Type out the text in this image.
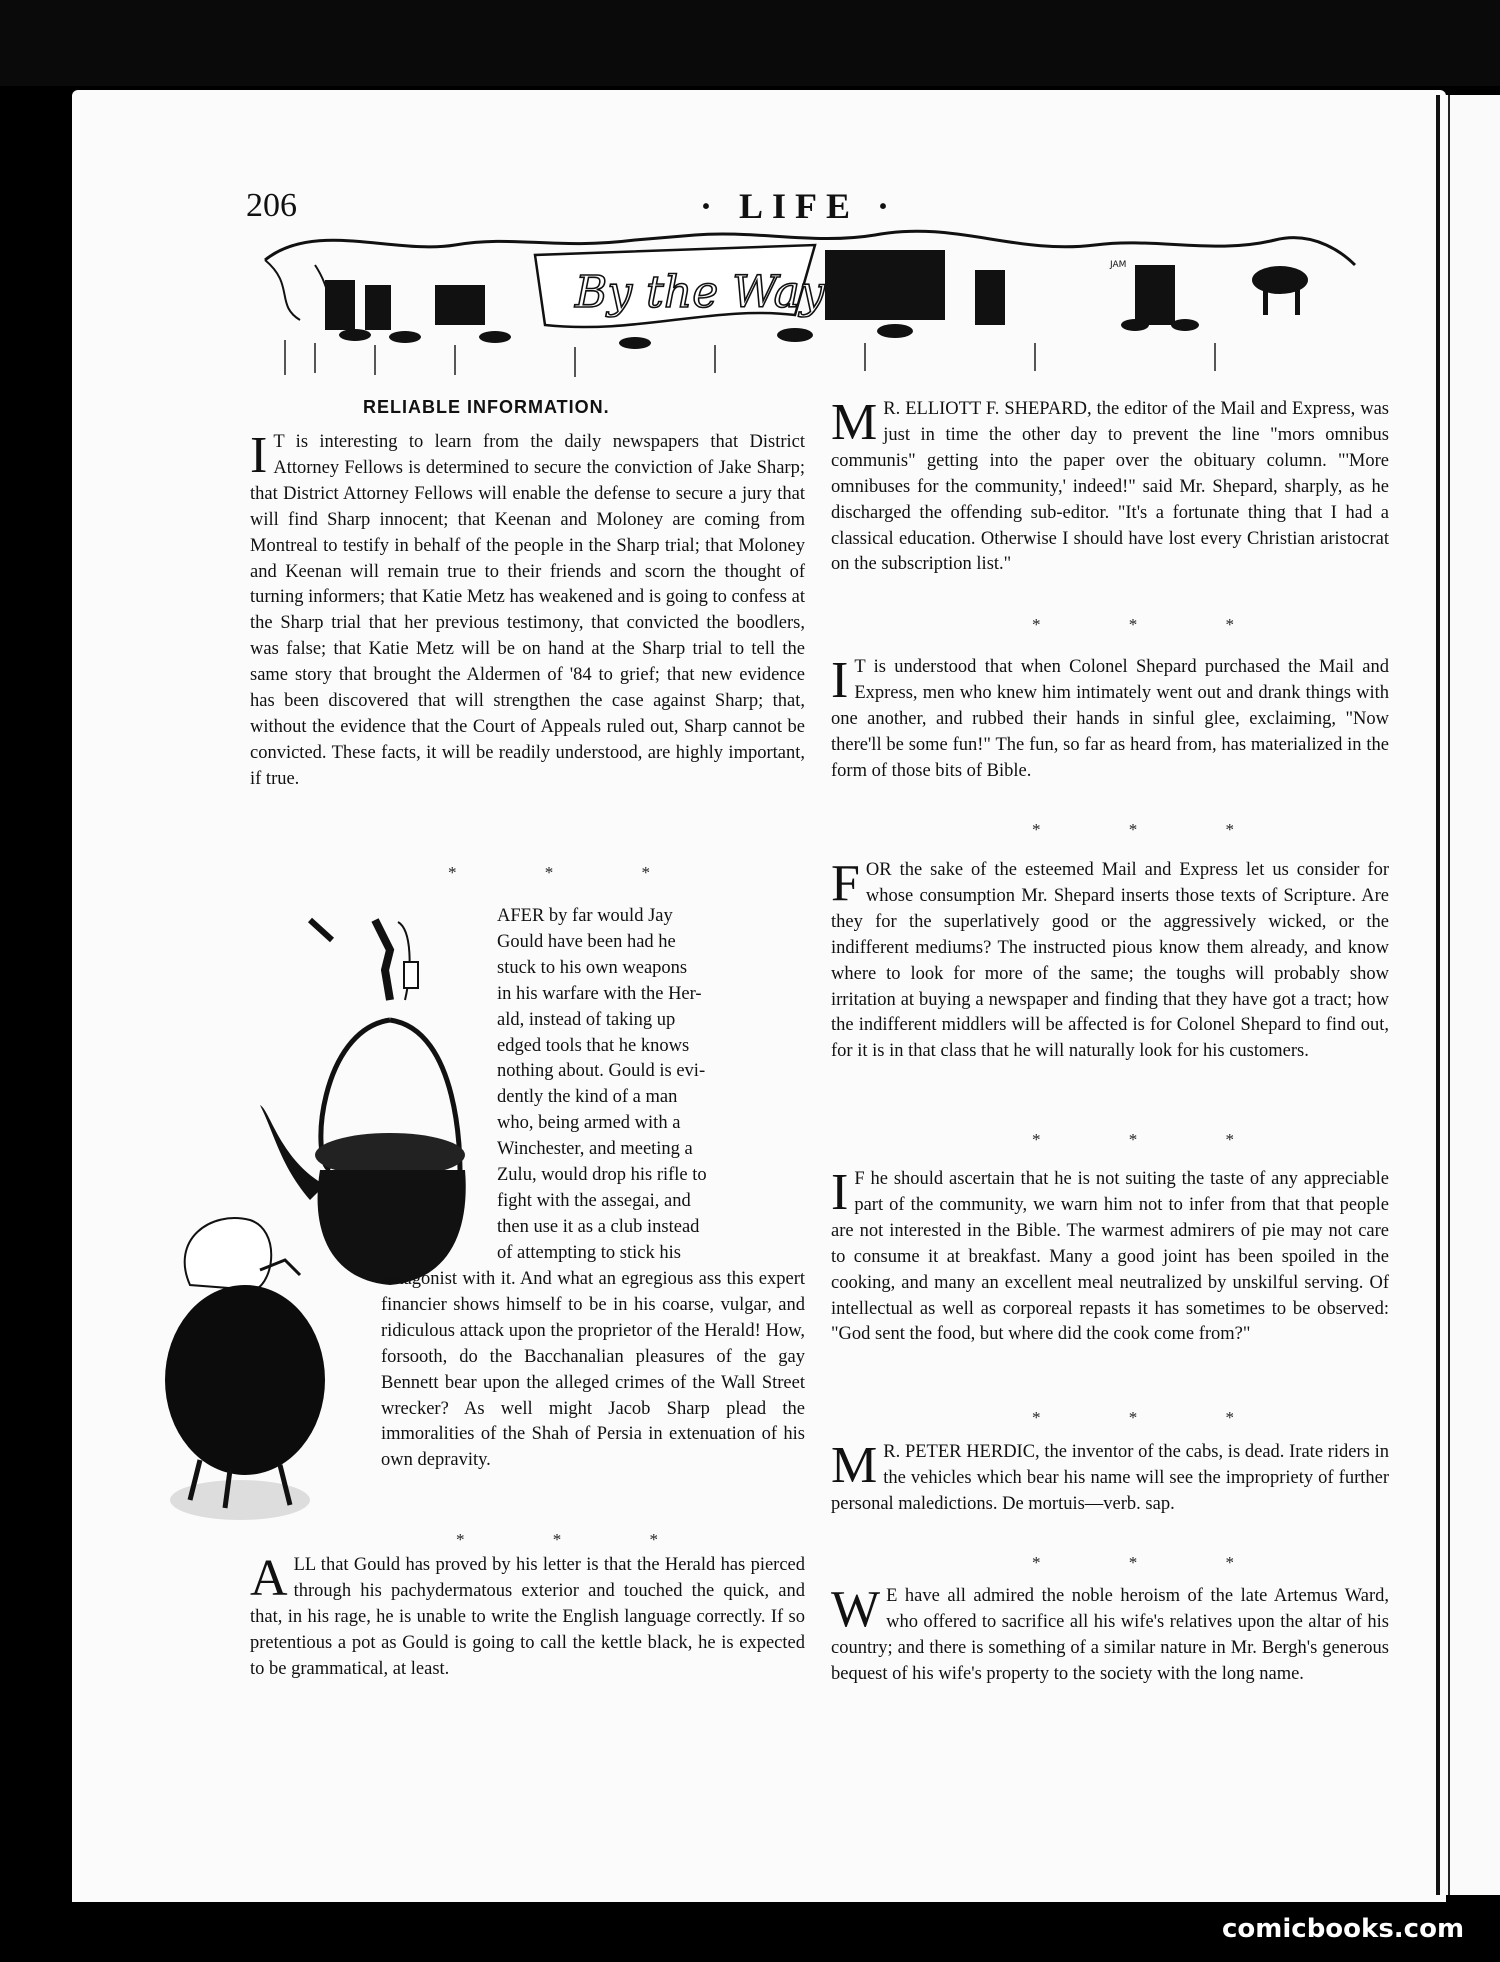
206	· LIFE ·
By the Way
JAM
RELIABLE INFORMATION.

I T is interesting to learn from the daily newspapers that District Attorney Fellows is determined to secure the conviction of Jake Sharp; that District Attorney Fellows will enable the defense to secure a jury that will find Sharp innocent; that Keenan and Moloney are coming from Montreal to testify in behalf of the people in the Sharp trial; that Moloney and Keenan will remain true to their friends and scorn the thought of turning informers; that Katie Metz has weakened and is going to confess at the Sharp trial that her previous testimony, that convicted the boodlers, was false; that Katie Metz will be on hand at the Sharp trial to tell the same story that brought the Aldermen of '84 to grief; that new evidence has been discovered that will strengthen the case against Sharp; that, without the evidence that the Court of Appeals ruled out, Sharp cannot be convicted. These facts, it will be readily understood, are highly important, if true.

* * *
AFER by far would Jay
Gould have been had he
stuck to his own weapons
in his warfare with the Her-
ald, instead of taking up
edged tools that he knows
nothing about. Gould is evi-
dently the kind of a man
who, being armed with a
Winchester, and meeting a
Zulu, would drop his rifle to
fight with the assegai, and
then use it as a club instead
of attempting to stick his
antagonist with it. And what an egregious ass this expert financier shows himself to be in his coarse, vulgar, and ridiculous attack upon the proprietor of the Herald! How, forsooth, do the Bacchanalian pleasures of the gay Bennett bear upon the alleged crimes of the Wall Street wrecker? As well might Jacob Sharp plead the immoralities of the Shah of Persia in extenuation of his own depravity.
* * *

ALL that Gould has proved by his letter is that the Herald has pierced through his pachydermatous exterior and touched the quick, and that, in his rage, he is unable to write the English language correctly. If so pretentious a pot as Gould is going to call the kettle black, he is expected to be grammatical, at least.

M R. ELLIOTT F. SHEPARD, the editor of the Mail and Express, was just in time the other day to prevent the line "mors omnibus communis" getting into the paper over the obituary column. "'More omnibuses for the community,' indeed!" said Mr. Shepard, sharply, as he discharged the offending sub-editor. "It's a fortunate thing that I had a classical education. Otherwise I should have lost every Christian aristocrat on the subscription list."

* * *

I T is understood that when Colonel Shepard purchased the Mail and Express, men who knew him intimately went out and drank things with one another, and rubbed their hands in sinful glee, exclaiming, "Now there'll be some fun!" The fun, so far as heard from, has materialized in the form of those bits of Bible.

* * *

FOR the sake of the esteemed Mail and Express let us consider for whose consumption Mr. Shepard inserts those texts of Scripture. Are they for the superlatively good or the aggressively wicked, or the indifferent mediums? The instructed pious know them already, and know where to look for more of the same; the toughs will probably show irritation at buying a newspaper and finding that they have got a tract; how the indifferent middlers will be affected is for Colonel Shepard to find out, for it is in that class that he will naturally look for his customers.

* * *

I F he should ascertain that he is not suiting the taste of any appreciable part of the community, we warn him not to infer from that that people are not interested in the Bible. The warmest admirers of pie may not care to consume it at breakfast. Many a good joint has been spoiled in the cooking, and many an excellent meal neutralized by unskilful serving. Of intellectual as well as corporeal repasts it has sometimes to be observed: "God sent the food, but where did the cook come from?"

* * *

M R. PETER HERDIC, the inventor of the cabs, is dead. Irate riders in the vehicles which bear his name will see the impropriety of further personal maledictions. De mortuis—verb. sap.

* * *

W E have all admired the noble heroism of the late Artemus Ward, who offered to sacrifice all his wife's relatives upon the altar of his country; and there is something of a similar nature in Mr. Bergh's generous bequest of his wife's property to the society with the long name.

comicbooks.com
